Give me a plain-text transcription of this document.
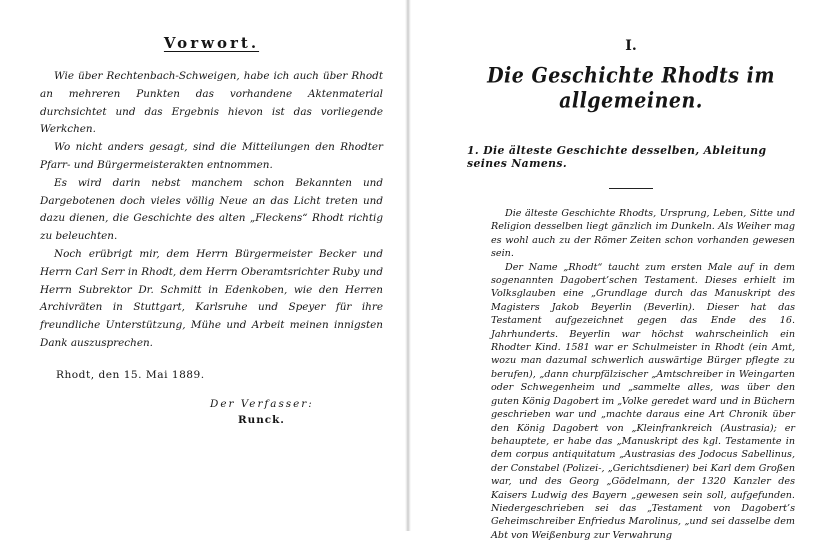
Vorwort.

Wie über Rechtenbach-Schweigen, habe ich auch über Rhodt an mehreren Punkten das vorhandene Aktenmaterial durchsichtet und das Ergebnis hievon ist das vorliegende Werkchen.

Wo nicht anders gesagt, sind die Mitteilungen den Rhodter Pfarr- und Bürgermeisterakten entnommen.

Es wird darin nebst manchem schon Bekannten und Dargebotenen doch vieles völlig Neue an das Licht treten und dazu dienen, die Geschichte des alten „Fleckens“ Rhodt richtig zu beleuchten.

Noch erübrigt mir, dem Herrn Bürgermeister Becker und Herrn Carl Serr in Rhodt, dem Herrn Oberamtsrichter Ruby und Herrn Subrektor Dr. Schmitt in Edenkoben, wie den Herren Archivräten in Stuttgart, Karlsruhe und Speyer für ihre freundliche Unterstützung, Mühe und Arbeit meinen innigsten Dank auszusprechen.

Rhodt, den 15. Mai 1889.
Der Verfasser:
Runck.
I.
Die Geschichte Rhodts im allgemeinen.
1. Die älteste Geschichte desselben, Ableitung seines Namens.

Die älteste Geschichte Rhodts, Ursprung, Leben, Sitte und Religion desselben liegt gänzlich im Dunkeln. Als Weiher mag es wohl auch zu der Römer Zeiten schon vorhanden gewesen sein.

Der Name „Rhodt“ taucht zum ersten Male auf in dem sogenannten Dagobert’schen Testament. Dieses erhielt im Volksglauben eine „Grundlage durch das Manuskript des Magisters Jakob Beyerlin (Beverlin). Dieser hat das Testament aufgezeichnet gegen das Ende des 16. Jahrhunderts. Beyerlin war höchst wahrscheinlich ein Rhodter Kind. 1581 war er Schulmeister in Rhodt (ein Amt, wozu man dazumal schwerlich auswärtige Bürger pflegte zu berufen), „dann churpfälzischer „Amtschreiber in Weingarten oder Schwegenheim und „sammelte alles, was über den guten König Dagobert im „Volke geredet ward und in Büchern geschrieben war und „machte daraus eine Art Chronik über den König Dagobert von „Kleinfrankreich (Austrasia); er behauptete, er habe das „Manuskript des kgl. Testamente in dem corpus antiquitatum „Austrasias des Jodocus Sabellinus, der Constabel (Polizei-, „Gerichtsdiener) bei Karl dem Großen war, und des Georg „Gödelmann, der 1320 Kanzler des Kaisers Ludwig des Bayern „gewesen sein soll, aufgefunden. Niedergeschrieben sei das „Testament von Dagobert’s Geheimschreiber Enfriedus Marolinus, „und sei dasselbe dem Abt von Weißenburg zur Verwahrung
